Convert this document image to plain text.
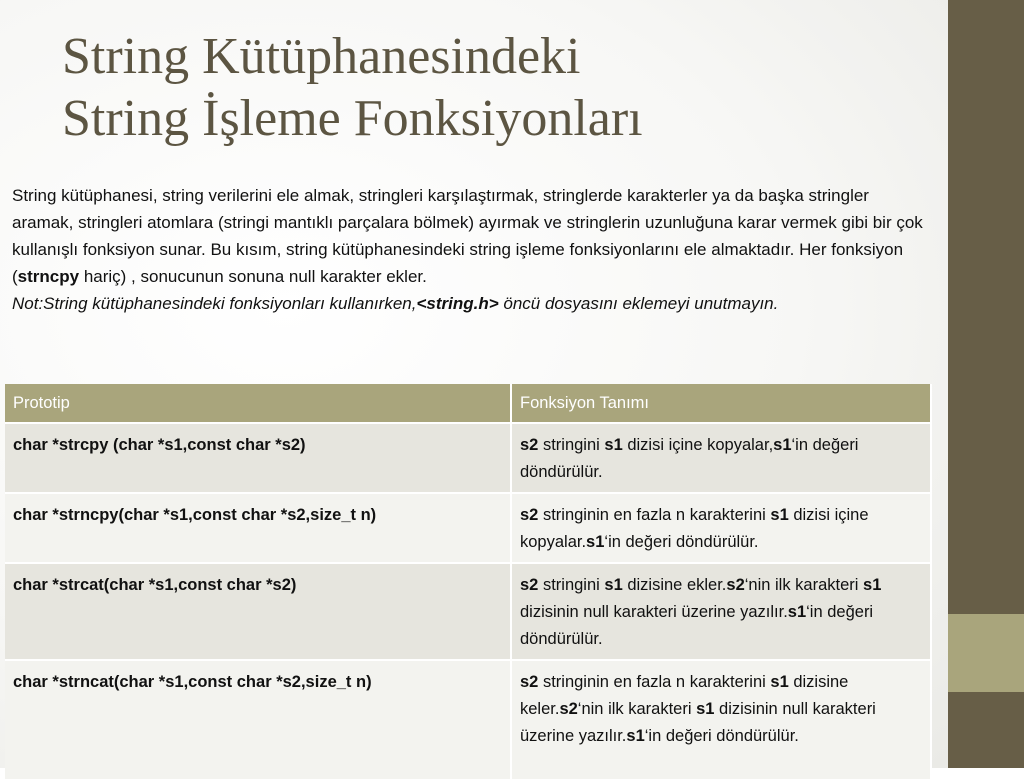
String Kütüphanesindeki
String İşleme Fonksiyonları

String kütüphanesi, string verilerini ele almak, stringleri karşılaştırmak, stringlerde karakterler ya da başka stringler aramak, stringleri atomlara (stringi mantıklı parçalara bölmek) ayırmak ve stringlerin uzunluğuna karar vermek gibi bir çok kullanışlı fonksiyon sunar. Bu kısım, string kütüphanesindeki string işleme fonksiyonlarını ele almaktadır. Her fonksiyon (strncpy hariç) , sonucunun sonuna null karakter ekler.

Not:String kütüphanesindeki fonksiyonları kullanırken,<string.h> öncü dosyasını eklemeyi unutmayın.

Prototip	Fonksiyon Tanımı
char *strcpy (char *s1,const char *s2)	s2 stringini s1 dizisi içine kopyalar,s1‘in değeri döndürülür.
char *strncpy(char *s1,const char *s2,size_t n)	s2 stringinin en fazla n karakterini s1 dizisi içine kopyalar.s1‘in değeri döndürülür.
char *strcat(char *s1,const char *s2)	s2 stringini s1 dizisine ekler.s2‘nin ilk karakteri s1 dizisinin null karakteri üzerine yazılır.s1‘in değeri döndürülür.
char *strncat(char *s1,const char *s2,size_t n)	s2 stringinin en fazla n karakterini s1 dizisine keler.s2‘nin ilk karakteri s1 dizisinin null karakteri üzerine yazılır.s1‘in değeri döndürülür.
